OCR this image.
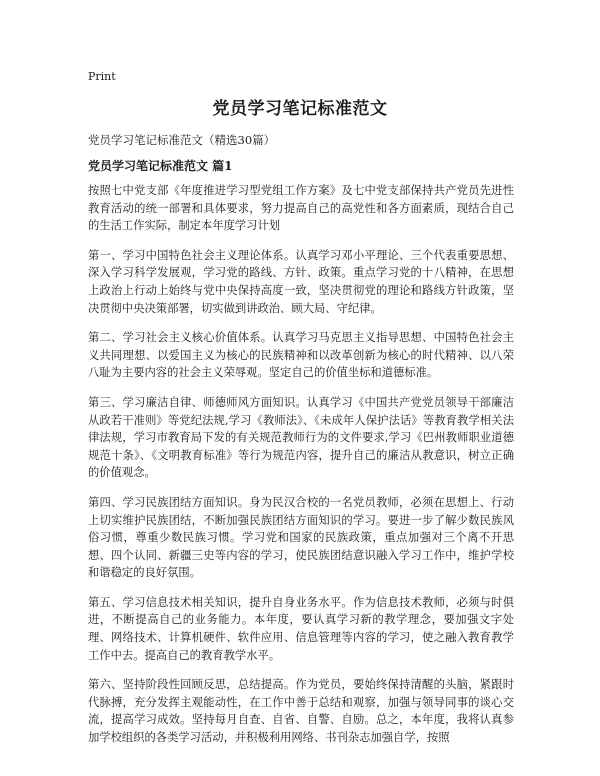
Print
党员学习笔记标准范文
党员学习笔记标准范文（精选30篇）
党员学习笔记标准范文 篇1

按照七中党支部《年度推进学习型党组工作方案》及七中党支部保持共产党员先进性教育活动的统一部署和具体要求，努力提高自己的高党性和各方面素质，现结合自己的生活工作实际，制定本年度学习计划

第一、学习中国特色社会主义理论体系。认真学习邓小平理论、三个代表重要思想、深入学习科学发展观，学习党的路线、方针、政策。重点学习党的十八精神，在思想上政治上行动上始终与党中央保持高度一致，坚决贯彻党的理论和路线方针政策，坚决贯彻中央决策部署，切实做到讲政治、顾大局、守纪律。

第二、学习社会主义核心价值体系。认真学习马克思主义指导思想、中国特色社会主义共同理想、以爱国主义为核心的民族精神和以改革创新为核心的时代精神、以八荣八耻为主要内容的社会主义荣辱观。坚定自己的价值坐标和道德标准。

第三、学习廉洁自律、师德师风方面知识。认真学习《中国共产党党员领导干部廉洁从政若干准则》等党纪法规,学习《教师法》、《未成年人保护法话》等教育教学相关法律法规，学习市教育局下发的有关规范教师行为的文件要求,学习《巴州教师职业道德规范十条》、《文明教育标准》等行为规范内容，提升自己的廉洁从教意识，树立正确的价值观念。

第四、学习民族团结方面知识。身为民汉合校的一名党员教师，必须在思想上、行动上切实维护民族团结，不断加强民族团结方面知识的学习。要进一步了解少数民族风俗习惯，尊重少数民族习惯。学习党和国家的民族政策，重点加强对三个离不开思想、四个认同、新疆三史等内容的学习，使民族团结意识融入学习工作中，维护学校和谐稳定的良好氛围。

第五、学习信息技术相关知识，提升自身业务水平。作为信息技术教师，必须与时俱进，不断提高自己的业务能力。本年度，要认真学习新的教学理念，要加强文字处理、网络技术、计算机硬件、软件应用、信息管理等内容的学习，使之融入教育教学工作中去。提高自己的教育教学水平。

第六、坚持阶段性回顾反思，总结提高。作为党员，要始终保持清醒的头脑，紧跟时代脉搏，充分发挥主观能动性，在工作中善于总结和观察，加强与领导同事的谈心交流，提高学习成效。坚持每月自查、自省、自警、自励。总之，本年度，我将认真参加学校组织的各类学习活动，并积极利用网络、书刊杂志加强自学，按照
